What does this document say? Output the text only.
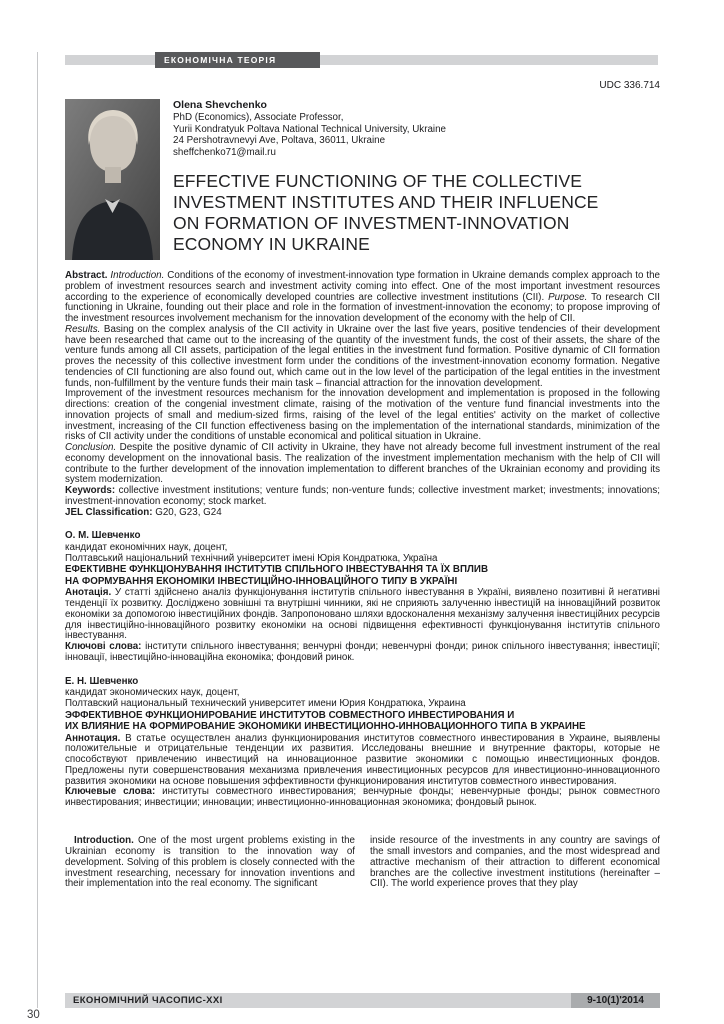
ЕКОНОМІЧНА ТЕОРІЯ
UDC 336.714
Olena Shevchenko
PhD (Economics), Associate Professor,
Yurii Kondratyuk Poltava National Technical University, Ukraine
24 Pershotravnevyi Ave, Poltava, 36011, Ukraine
sheffchenko71@mail.ru
EFFECTIVE FUNCTIONING OF THE COLLECTIVE
INVESTMENT INSTITUTES AND THEIR INFLUENCE
ON FORMATION OF INVESTMENT-INNOVATION
ECONOMY IN UKRAINE

Abstract. Introduction. Conditions of the economy of investment-innovation type formation in Ukraine demands complex approach to the problem of investment resources search and investment activity coming into effect. One of the most important investment resources according to the experience of economically developed countries are collective investment institutions (CII). Purpose. To research CII functioning in Ukraine, founding out their place and role in the formation of investment-innovation the economy; to propose improving of the investment resources involvement mechanism for the innovation development of the economy with the help of CII.

Results. Basing on the complex analysis of the CII activity in Ukraine over the last five years, positive tendencies of their development have been researched that came out to the increasing of the quantity of the investment funds, the cost of their assets, the share of the venture funds among all CII assets, participation of the legal entities in the investment fund formation. Positive dynamic of CII formation proves the necessity of this collective investment form under the conditions of the investment-innovation economy formation. Negative tendencies of CII functioning are also found out, which came out in the low level of the participation of the legal entities in the investment funds, non-fulfillment by the venture funds their main task – financial attraction for the innovation development.

Improvement of the investment resources mechanism for the innovation development and implementation is proposed in the following directions: creation of the congenial investment climate, raising of the motivation of the venture fund financial investments into the innovation projects of small and medium-sized firms, raising of the level of the legal entities' activity on the market of collective investment, increasing of the CII function effectiveness basing on the implementation of the international standards, minimization of the risks of CII activity under the conditions of unstable economical and political situation in Ukraine.

Conclusion. Despite the positive dynamic of CII activity in Ukraine, they have not already become full investment instrument of the real economy development on the innovational basis. The realization of the investment implementation mechanism with the help of CII will contribute to the further development of the innovation implementation to different branches of the Ukrainian economy and providing its system modernization.

Keywords: collective investment institutions; venture funds; non-venture funds; collective investment market; investments; innovations; investment-innovation economy; stock market.

JEL Classification: G20, G23, G24

О. М. Шевченко
кандидат економічних наук, доцент,
Полтавський національний технічний університет імені Юрія Кондратюка, Україна
ЕФЕКТИВНЕ ФУНКЦІОНУВАННЯ ІНСТИТУТІВ СПІЛЬНОГО ІНВЕСТУВАННЯ ТА ЇХ ВПЛИВ
НА ФОРМУВАННЯ ЕКОНОМІКИ ІНВЕСТИЦІЙНО-ІННОВАЦІЙНОГО ТИПУ В УКРАЇНІ

Анотація. У статті здійснено аналіз функціонування інститутів спільного інвестування в Україні, виявлено позитивні й негативні тенденції їх розвитку. Досліджено зовнішні та внутрішні чинники, які не сприяють залученню інвестицій на інноваційний розвиток економіки за допомогою інвестиційних фондів. Запропоновано шляхи вдосконалення механізму залучення інвестиційних ресурсів для інвестиційно-інноваційного розвитку економіки на основі підвищення ефективності функціонування інститутів спільного інвестування.

Ключові слова: інститути спільного інвестування; венчурні фонди; невенчурні фонди; ринок спільного інвестування; інвестиції; інновації, інвестиційно-інноваційна економіка; фондовий ринок.

Е. Н. Шевченко
кандидат экономических наук, доцент,
Полтавский национальный технический университет имени Юрия Кондратюка, Украина
ЭФФЕКТИВНОЕ ФУНКЦИОНИРОВАНИЕ ИНСТИТУТОВ СОВМЕСТНОГО ИНВЕСТИРОВАНИЯ И
ИХ ВЛИЯНИЕ НА ФОРМИРОВАНИЕ ЭКОНОМИКИ ИНВЕСТИЦИОННО-ИННОВАЦИОННОГО ТИПА В УКРАИНЕ

Аннотация. В статье осуществлен анализ функционирования институтов совместного инвестирования в Украине, выявлены положительные и отрицательные тенденции их развития. Исследованы внешние и внутренние факторы, которые не способствуют привлечению инвестиций на инновационное развитие экономики с помощью инвестиционных фондов. Предложены пути совершенствования механизма привлечения инвестиционных ресурсов для инвестиционно-инновационного развития экономики на основе повышения эффективности функционирования институтов совместного инвестирования.

Ключевые слова: институты совместного инвестирования; венчурные фонды; невенчурные фонды; рынок совместного инвестирования; инвестиции; инновации; инвестиционно-инновационная экономика; фондовый рынок.

Introduction. One of the most urgent problems existing in the Ukrainian economy is transition to the innovation way of development. Solving of this problem is closely connected with the investment researching, necessary for innovation inventions and their implementation into the real economy. The significant

inside resource of the investments in any country are savings of the small investors and companies, and the most widespread and attractive mechanism of their attraction to different economical branches are the collective investment institutions (hereinafter – CII). The world experience proves that they play

ЕКОНОМІЧНИЙ ЧАСОПИС-XXI	9-10(1)'2014
30
